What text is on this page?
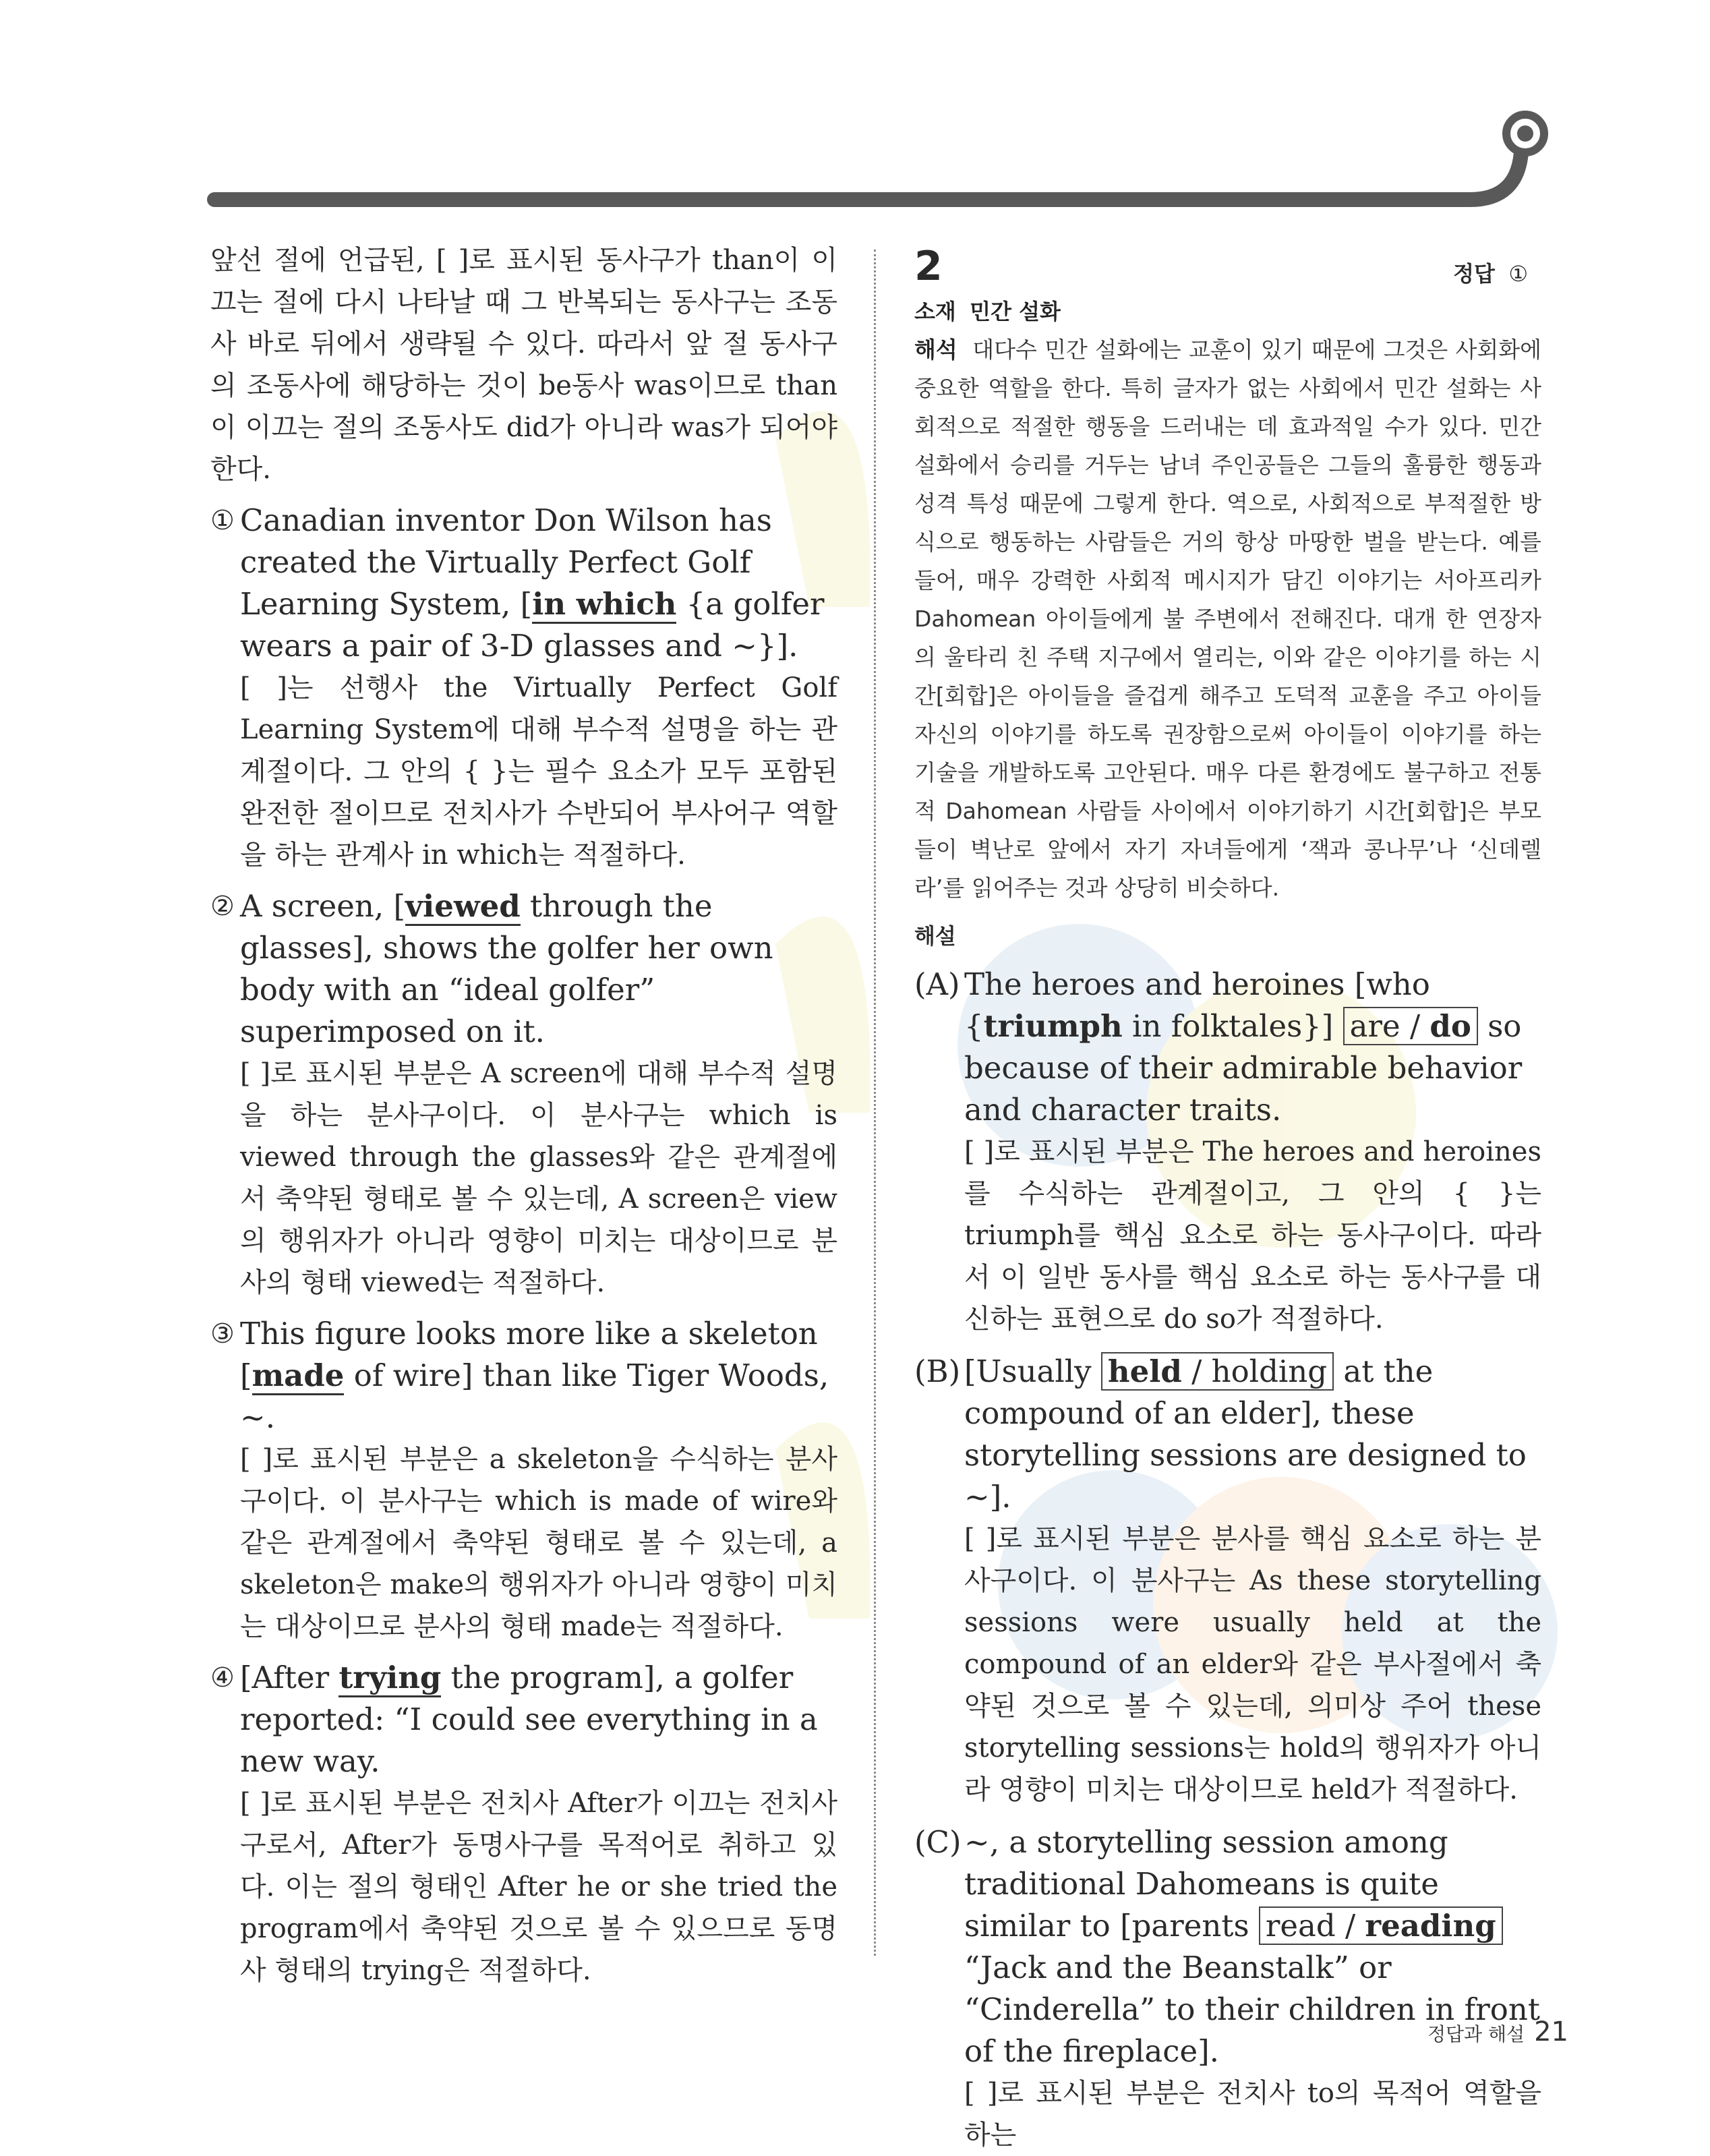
앞선 절에 언급된, [ ]로 표시된 동사구가 than이 이끄는 절에 다시 나타날 때 그 반복되는 동사구는 조동사 바로 뒤에서 생략될 수 있다. 따라서 앞 절 동사구의 조동사에 해당하는 것이 be동사 was이므로 than이 이끄는 절의 조동사도 did가 아니라 was가 되어야 한다.

① Canadian inventor Don Wilson has created the Virtually Perfect Golf Learning System, [in which {a golfer wears a pair of 3-D glasses and ~}].

[ ]는 선행사 the Virtually Perfect Golf Learning System에 대해 부수적 설명을 하는 관계절이다. 그 안의 { }는 필수 요소가 모두 포함된 완전한 절이므로 전치사가 수반되어 부사어구 역할을 하는 관계사 in which는 적절하다.

② A screen, [viewed through the glasses], shows the golfer her own body with an “ideal golfer” superimposed on it.

[ ]로 표시된 부분은 A screen에 대해 부수적 설명을 하는 분사구이다. 이 분사구는 which is viewed through the glasses와 같은 관계절에서 축약된 형태로 볼 수 있는데, A screen은 view의 행위자가 아니라 영향이 미치는 대상이므로 분사의 형태 viewed는 적절하다.

③ This figure looks more like a skeleton [made of wire] than like Tiger Woods, ~.

[ ]로 표시된 부분은 a skeleton을 수식하는 분사구이다. 이 분사구는 which is made of wire와 같은 관계절에서 축약된 형태로 볼 수 있는데, a skeleton은 make의 행위자가 아니라 영향이 미치는 대상이므로 분사의 형태 made는 적절하다.

④ [After trying the program], a golfer reported: “I could see everything in a new way.

[ ]로 표시된 부분은 전치사 After가 이끄는 전치사구로서, After가 동명사구를 목적어로 취하고 있다. 이는 절의 형태인 After he or she tried the program에서 축약된 것으로 볼 수 있으므로 동명사 형태의 trying은 적절하다.

2	정답 ①

소재 민간 설화

해석 대다수 민간 설화에는 교훈이 있기 때문에 그것은 사회화에 중요한 역할을 한다. 특히 글자가 없는 사회에서 민간 설화는 사회적으로 적절한 행동을 드러내는 데 효과적일 수가 있다. 민간 설화에서 승리를 거두는 남녀 주인공들은 그들의 훌륭한 행동과 성격 특성 때문에 그렇게 한다. 역으로, 사회적으로 부적절한 방식으로 행동하는 사람들은 거의 항상 마땅한 벌을 받는다. 예를 들어, 매우 강력한 사회적 메시지가 담긴 이야기는 서아프리카 Dahomean 아이들에게 불 주변에서 전해진다. 대개 한 연장자의 울타리 친 주택 지구에서 열리는, 이와 같은 이야기를 하는 시간[회합]은 아이들을 즐겁게 해주고 도덕적 교훈을 주고 아이들 자신의 이야기를 하도록 권장함으로써 아이들이 이야기를 하는 기술을 개발하도록 고안된다. 매우 다른 환경에도 불구하고 전통적 Dahomean 사람들 사이에서 이야기하기 시간[회합]은 부모들이 벽난로 앞에서 자기 자녀들에게 ‘잭과 콩나무’나 ‘신데렐라’를 읽어주는 것과 상당히 비슷하다.

해설

(A) The heroes and heroines [who {triumph in folktales}] are / do so because of their admirable behavior and character traits.

[ ]로 표시된 부분은 The heroes and heroines를 수식하는 관계절이고, 그 안의 { }는 triumph를 핵심 요소로 하는 동사구이다. 따라서 이 일반 동사를 핵심 요소로 하는 동사구를 대신하는 표현으로 do so가 적절하다.

(B) [Usually held / holding at the compound of an elder], these storytelling sessions are designed to ~].

[ ]로 표시된 부분은 분사를 핵심 요소로 하는 분사구이다. 이 분사구는 As these storytelling sessions were usually held at the compound of an elder와 같은 부사절에서 축약된 것으로 볼 수 있는데, 의미상 주어 these storytelling sessions는 hold의 행위자가 아니라 영향이 미치는 대상이므로 held가 적절하다.

(C) ~, a storytelling session among traditional Dahomeans is quite similar to [parents read / reading “Jack and the Beanstalk” or “Cinderella” to their children in front of the fireplace].

[ ]로 표시된 부분은 전치사 to의 목적어 역할을 하는

정답과 해설 21
